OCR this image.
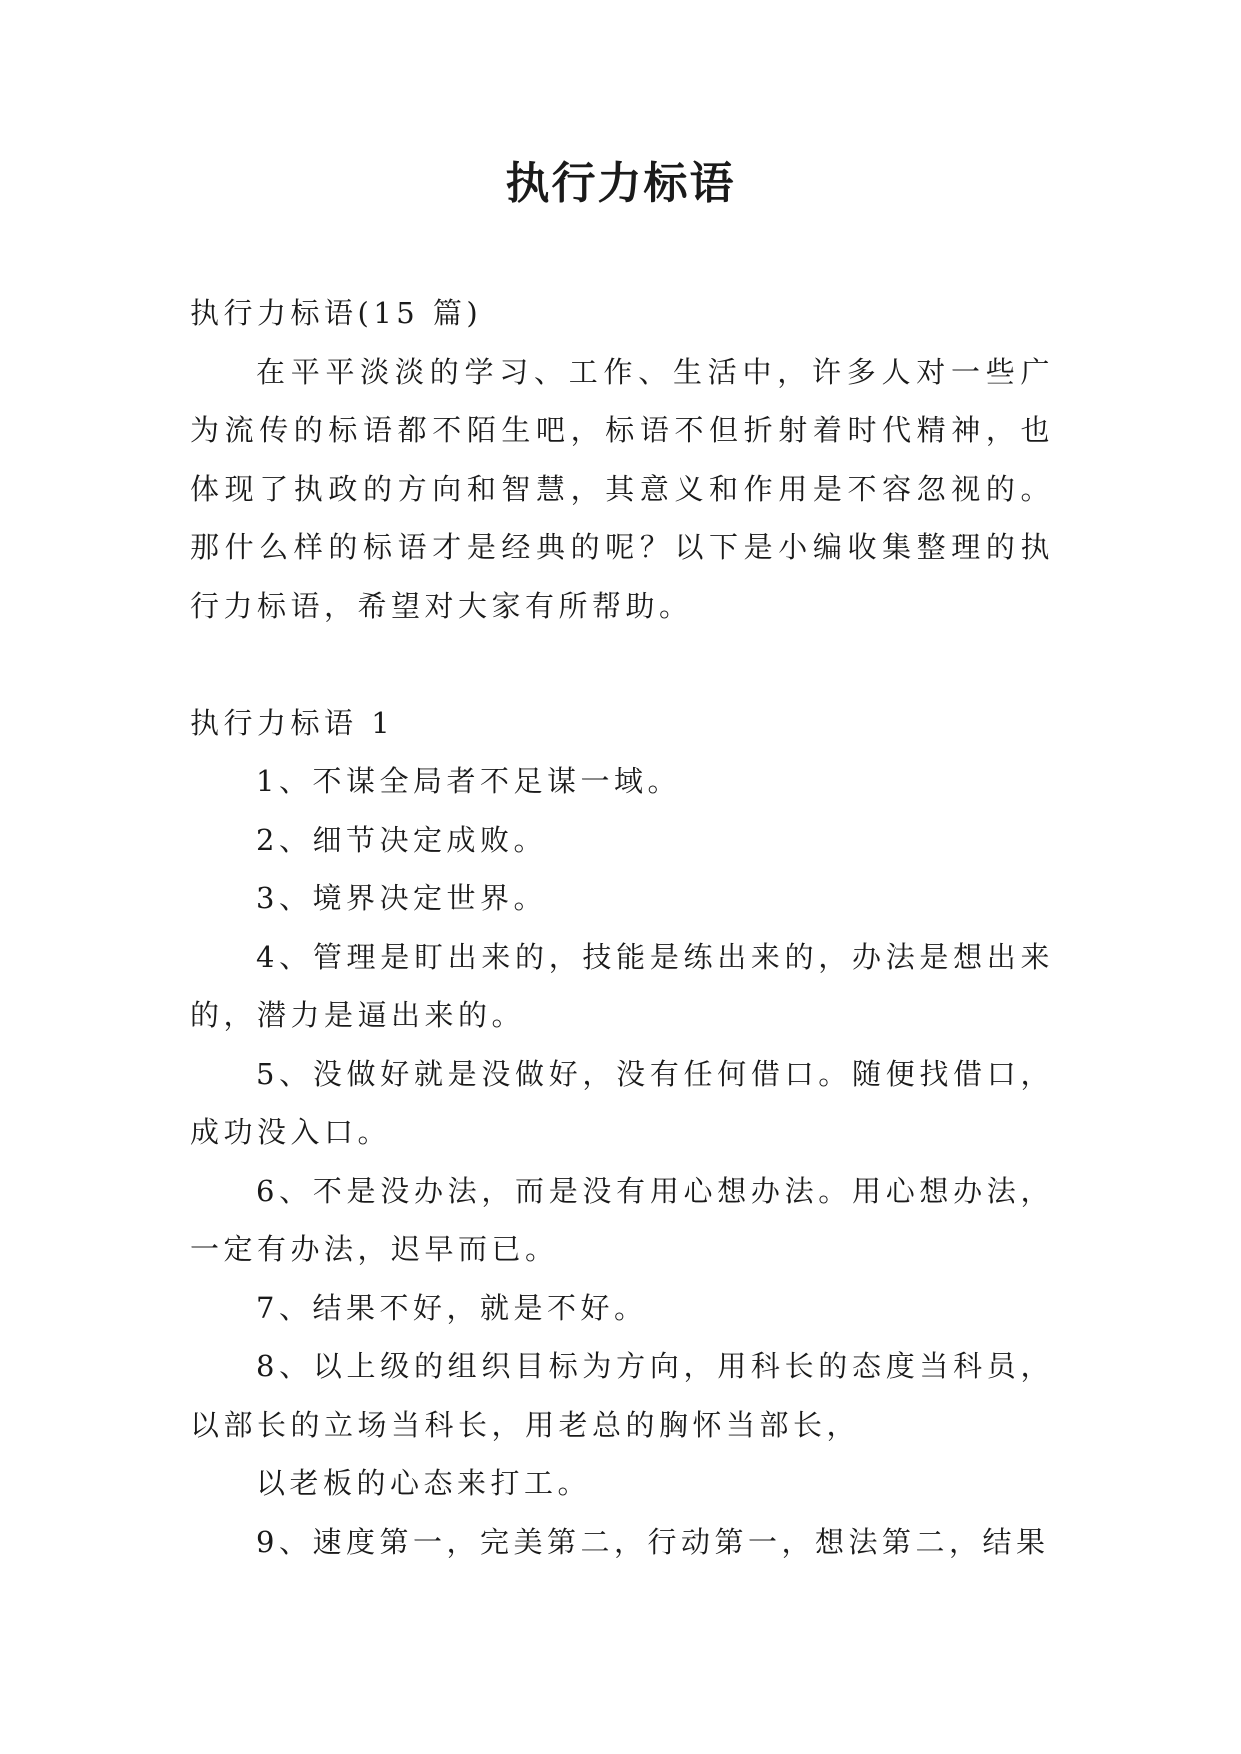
执行力标语

执行力标语(15 篇)

在平平淡淡的学习、工作、生活中，许多人对一些广为流传的标语都不陌生吧，标语不但折射着时代精神，也体现了执政的方向和智慧，其意义和作用是不容忽视的。那什么样的标语才是经典的呢？以下是小编收集整理的执行力标语，希望对大家有所帮助。

执行力标语 1

1、不谋全局者不足谋一域。

2、细节决定成败。

3、境界决定世界。

4、管理是盯出来的，技能是练出来的，办法是想出来的，潜力是逼出来的。

5、没做好就是没做好，没有任何借口。随便找借口，成功没入口。

6、不是没办法，而是没有用心想办法。用心想办法，一定有办法，迟早而已。

7、结果不好，就是不好。

8、以上级的组织目标为方向，用科长的态度当科员，以部长的立场当科长，用老总的胸怀当部长，

以老板的心态来打工。

9、速度第一，完美第二，行动第一，想法第二，结果
